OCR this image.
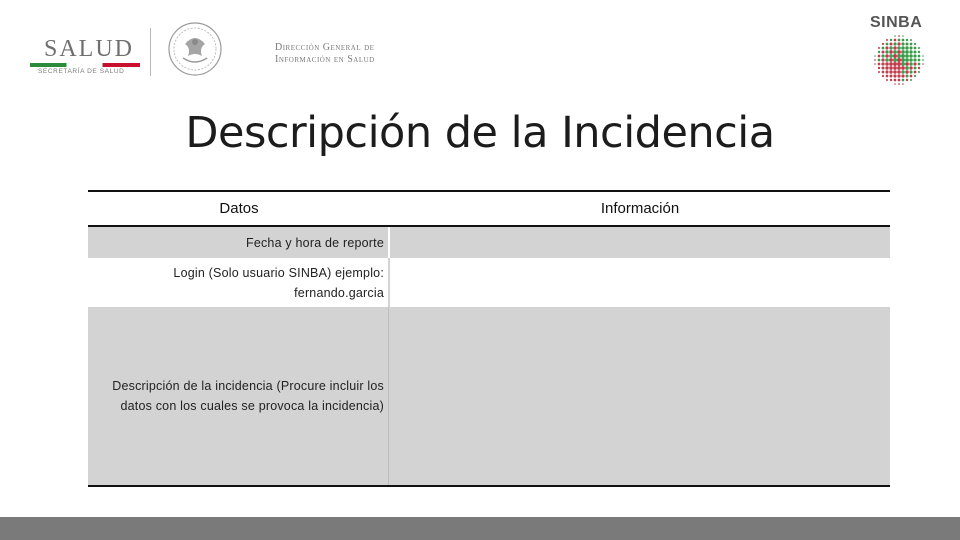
SALUD
SECRETARÍA DE SALUD
Dirección General de
Información en Salud
SINBA
Descripción de la Incidencia
Datos	Información
Fecha y hora de reporte
Login (Solo usuario SINBA) ejemplo:
fernando.garcia
Descripción de la incidencia (Procure incluir los
datos con los cuales se provoca la incidencia)
